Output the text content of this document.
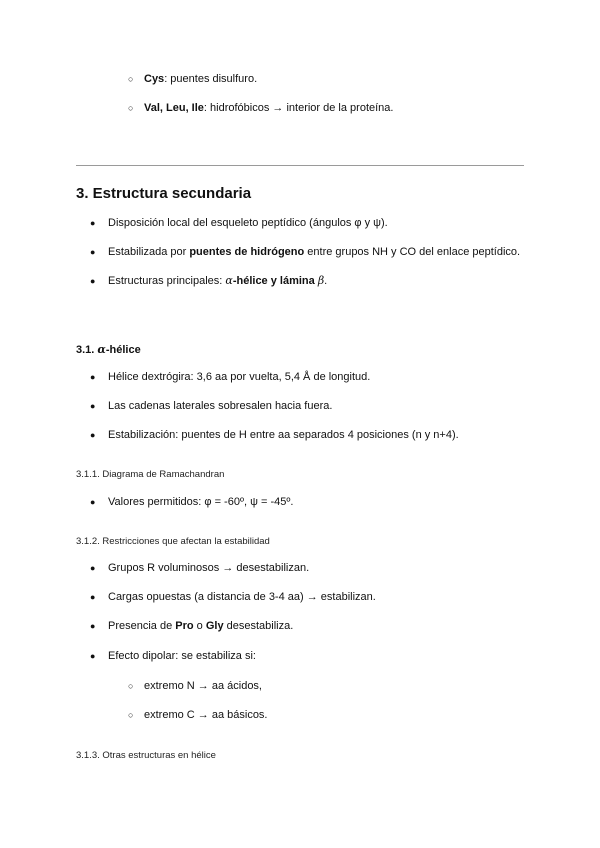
○ Cys: puentes disulfuro.
○ Val, Leu, Ile: hidrofóbicos → interior de la proteína.
3. Estructura secundaria
● Disposición local del esqueleto peptídico (ángulos φ y ψ).
● Estabilizada por puentes de hidrógeno entre grupos NH y CO del enlace peptídico.
● Estructuras principales: α-hélice y lámina β.
3.1. α-hélice
● Hélice dextrógira: 3,6 aa por vuelta, 5,4 Å de longitud.
● Las cadenas laterales sobresalen hacia fuera.
● Estabilización: puentes de H entre aa separados 4 posiciones (n y n+4).
3.1.1. Diagrama de Ramachandran
● Valores permitidos: φ = -60º, ψ = -45º.
3.1.2. Restricciones que afectan la estabilidad
● Grupos R voluminosos → desestabilizan.
● Cargas opuestas (a distancia de 3-4 aa) → estabilizan.
● Presencia de Pro o Gly desestabiliza.
● Efecto dipolar: se estabiliza si:
○ extremo N → aa ácidos,
○ extremo C → aa básicos.
3.1.3. Otras estructuras en hélice
